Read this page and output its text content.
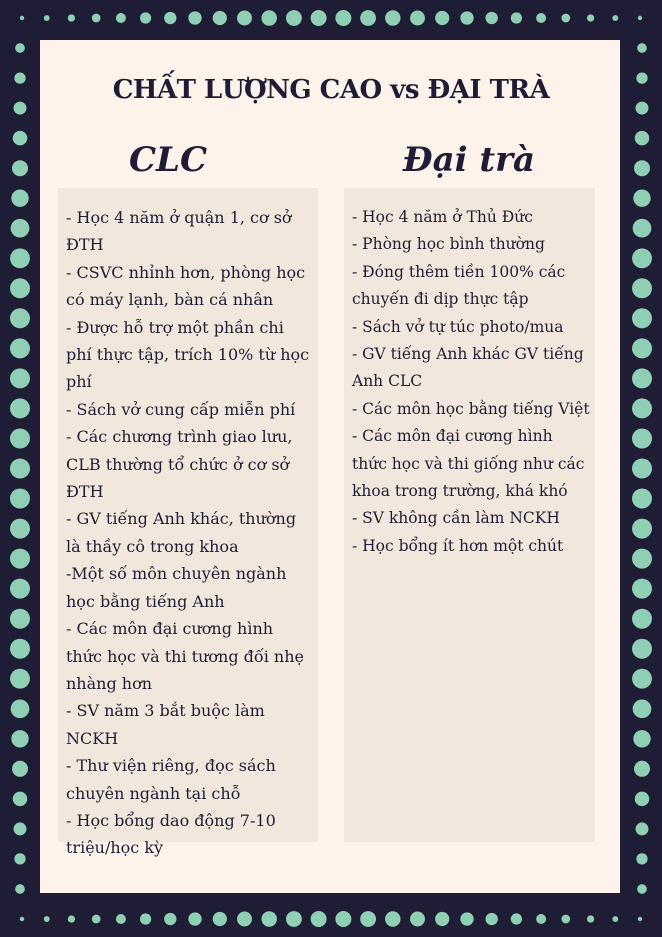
CHẤT LƯỢNG CAO vs ĐẠI TRÀ
CLC	Đại trà
- Học 4 năm ở quận 1, cơ sở ĐTH
- CSVC nhỉnh hơn, phòng học có máy lạnh, bàn cá nhân
- Được hỗ trợ một phần chi phí thực tập, trích 10% từ học phí
- Sách vở cung cấp miễn phí
- Các chương trình giao lưu, CLB thường tổ chức ở cơ sở ĐTH
- GV tiếng Anh khác, thường là thầy cô trong khoa
-Một số môn chuyên ngành học bằng tiếng Anh
- Các môn đại cương hình thức học và thi tương đối nhẹ nhàng hơn
- SV năm 3 bắt buộc làm NCKH
- Thư viện riêng, đọc sách chuyên ngành tại chỗ
- Học bổng dao động 7-10 triệu/học kỳ
- Học 4 năm ở Thủ Đức
- Phòng học bình thường
- Đóng thêm tiền 100% các chuyến đi dịp thực tập
- Sách vở tự túc photo/mua
- GV tiếng Anh khác GV tiếng Anh CLC
- Các môn học bằng tiếng Việt
- Các môn đại cương hình thức học và thi giống như các khoa trong trường, khá khó
- SV không cần làm NCKH
- Học bổng ít hơn một chút
